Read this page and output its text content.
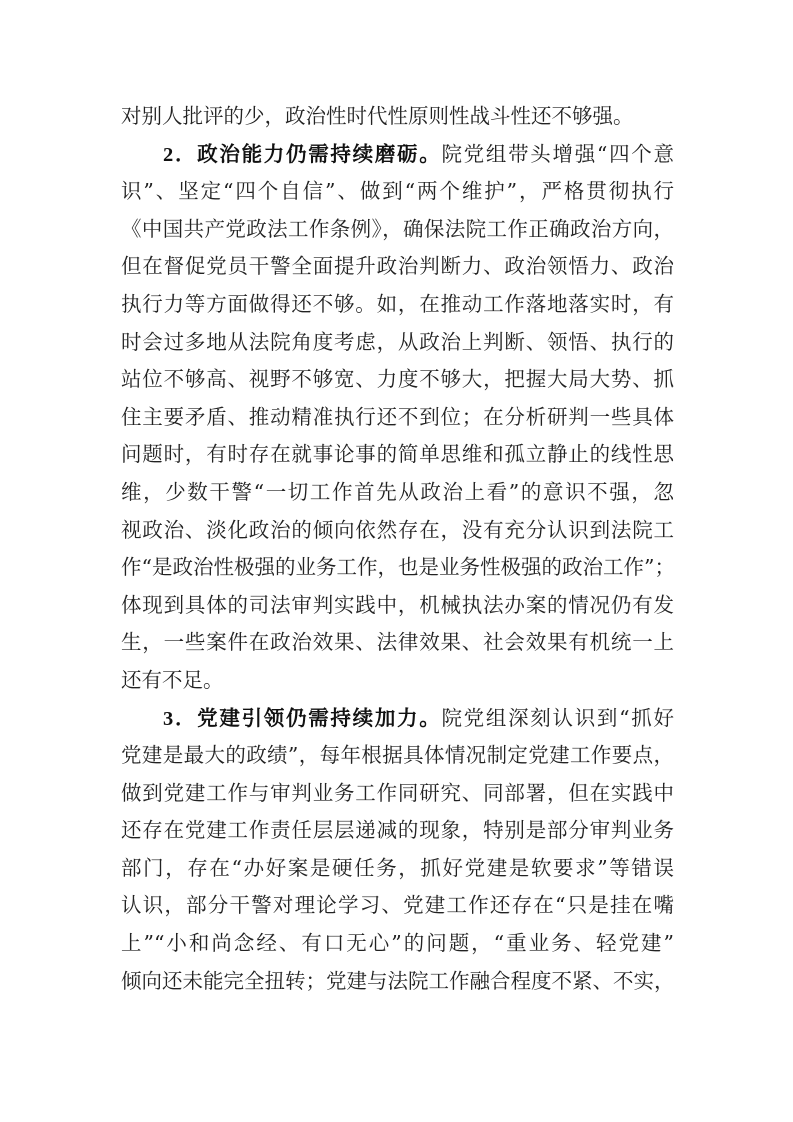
对别人批评的少，政治性时代性原则性战斗性还不够强。
2．政治能力仍需持续磨砺。院党组带头增强“四个意
识”、坚定“四个自信”、做到“两个维护”，严格贯彻执行
《中国共产党政法工作条例》，确保法院工作正确政治方向，
但在督促党员干警全面提升政治判断力、政治领悟力、政治
执行力等方面做得还不够。如，在推动工作落地落实时，有
时会过多地从法院角度考虑，从政治上判断、领悟、执行的
站位不够高、视野不够宽、力度不够大，把握大局大势、抓
住主要矛盾、推动精准执行还不到位；在分析研判一些具体
问题时，有时存在就事论事的简单思维和孤立静止的线性思
维，少数干警“一切工作首先从政治上看”的意识不强，忽
视政治、淡化政治的倾向依然存在，没有充分认识到法院工
作“是政治性极强的业务工作，也是业务性极强的政治工作”；
体现到具体的司法审判实践中，机械执法办案的情况仍有发
生，一些案件在政治效果、法律效果、社会效果有机统一上
还有不足。
3．党建引领仍需持续加力。院党组深刻认识到“抓好
党建是最大的政绩”，每年根据具体情况制定党建工作要点，
做到党建工作与审判业务工作同研究、同部署，但在实践中
还存在党建工作责任层层递减的现象，特别是部分审判业务
部门，存在“办好案是硬任务，抓好党建是软要求”等错误
认识，部分干警对理论学习、党建工作还存在“只是挂在嘴
上”“小和尚念经、有口无心”的问题，“重业务、轻党建”
倾向还未能完全扭转；党建与法院工作融合程度不紧、不实，
